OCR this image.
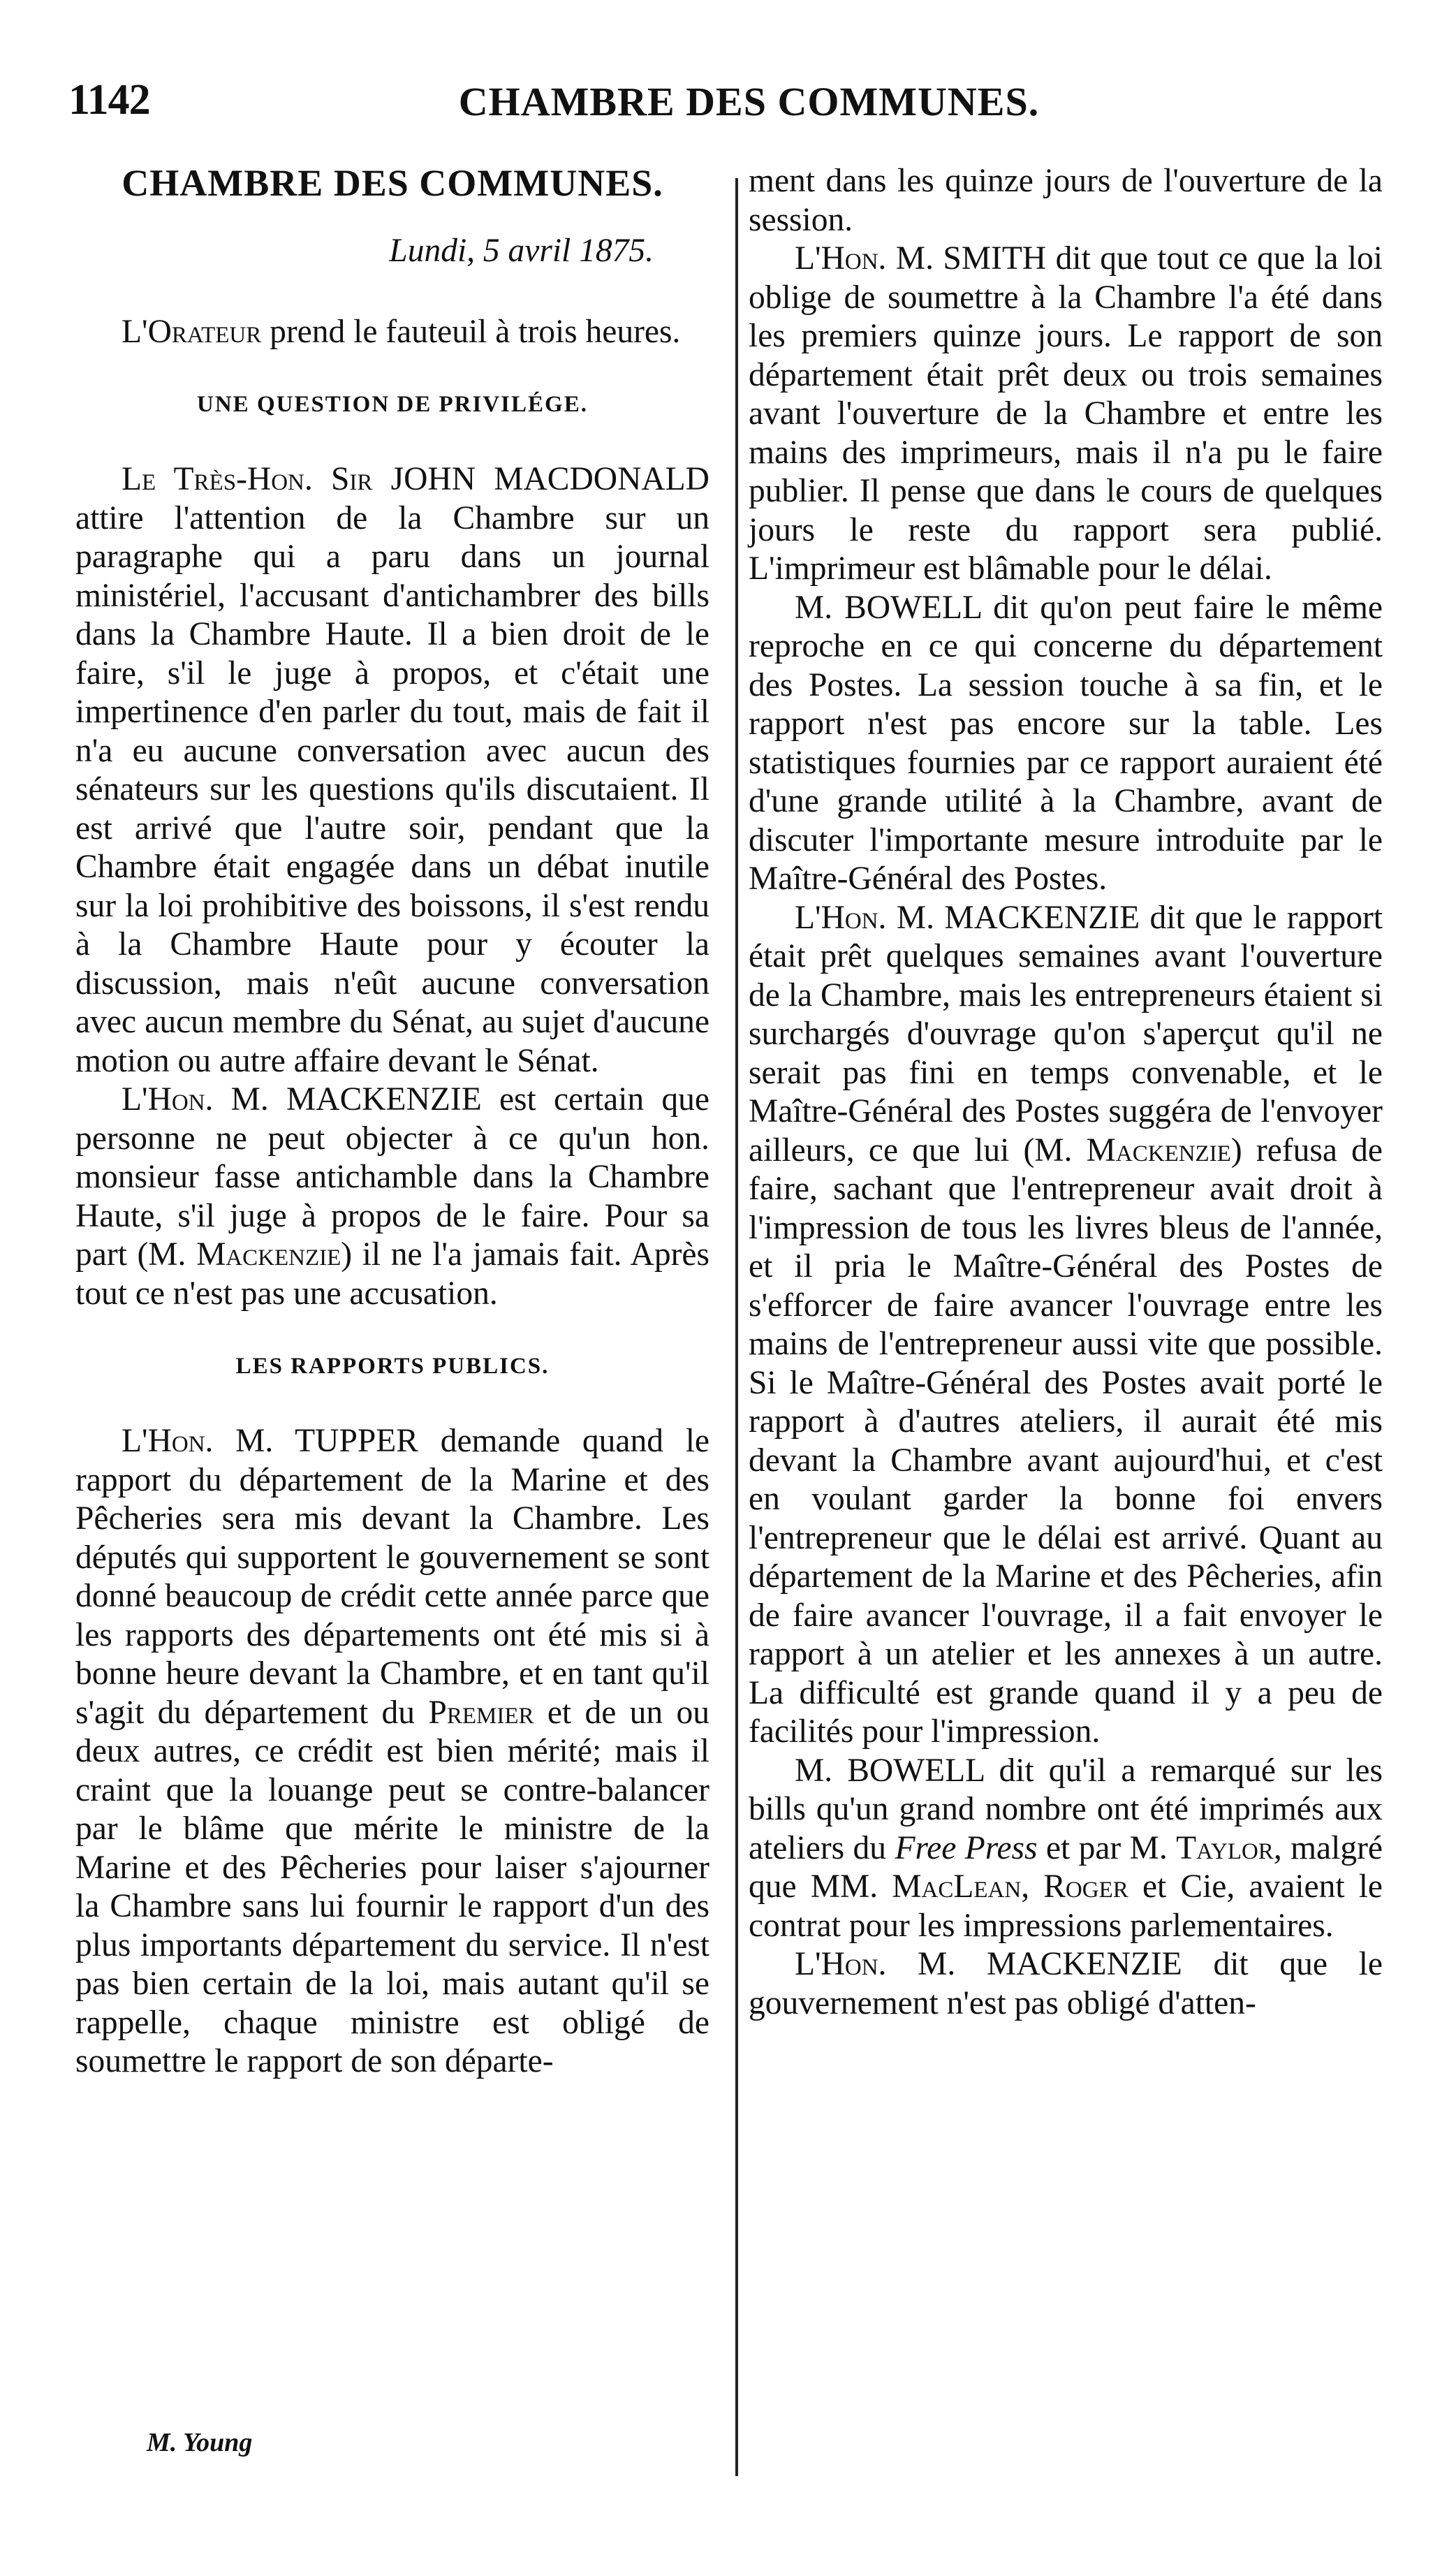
1142	CHAMBRE DES COMMUNES.
CHAMBRE DES COMMUNES.
Lundi, 5 avril 1875.

L'Orateur prend le fauteuil à trois heures.

UNE QUESTION DE PRIVILÉGE.

Le Très-Hon. Sir JOHN MACDONALD attire l'attention de la Chambre sur un paragraphe qui a paru dans un journal ministériel, l'accusant d'antichambrer des bills dans la Chambre Haute. Il a bien droit de le faire, s'il le juge à propos, et c'était une impertinence d'en parler du tout, mais de fait il n'a eu aucune conversation avec aucun des sénateurs sur les questions qu'ils discutaient. Il est arrivé que l'autre soir, pendant que la Chambre était engagée dans un débat inutile sur la loi prohibitive des boissons, il s'est rendu à la Chambre Haute pour y écouter la discussion, mais n'eût aucune conversation avec aucun membre du Sénat, au sujet d'aucune motion ou autre affaire devant le Sénat.

L'Hon. M. MACKENZIE est certain que personne ne peut objecter à ce qu'un hon. monsieur fasse antichamble dans la Chambre Haute, s'il juge à propos de le faire. Pour sa part (M. Mackenzie) il ne l'a jamais fait. Après tout ce n'est pas une accusation.

LES RAPPORTS PUBLICS.

L'Hon. M. TUPPER demande quand le rapport du département de la Marine et des Pêcheries sera mis devant la Chambre. Les députés qui supportent le gouvernement se sont donné beaucoup de crédit cette année parce que les rapports des départements ont été mis si à bonne heure devant la Chambre, et en tant qu'il s'agit du département du Premier et de un ou deux autres, ce crédit est bien mérité; mais il craint que la louange peut se contre-balancer par le blâme que mérite le ministre de la Marine et des Pêcheries pour laiser s'ajourner la Chambre sans lui fournir le rapport d'un des plus importants département du service. Il n'est pas bien certain de la loi, mais autant qu'il se rappelle, chaque ministre est obligé de soumettre le rapport de son départe-

ment dans les quinze jours de l'ouverture de la session.

L'Hon. M. SMITH dit que tout ce que la loi oblige de soumettre à la Chambre l'a été dans les premiers quinze jours. Le rapport de son département était prêt deux ou trois semaines avant l'ouverture de la Chambre et entre les mains des imprimeurs, mais il n'a pu le faire publier. Il pense que dans le cours de quelques jours le reste du rapport sera publié. L'imprimeur est blâmable pour le délai.

M. BOWELL dit qu'on peut faire le même reproche en ce qui concerne du département des Postes. La session touche à sa fin, et le rapport n'est pas encore sur la table. Les statistiques fournies par ce rapport auraient été d'une grande utilité à la Chambre, avant de discuter l'importante mesure introduite par le Maître-Général des Postes.

L'Hon. M. MACKENZIE dit que le rapport était prêt quelques semaines avant l'ouverture de la Chambre, mais les entrepreneurs étaient si surchargés d'ouvrage qu'on s'aperçut qu'il ne serait pas fini en temps convenable, et le Maître-Général des Postes suggéra de l'envoyer ailleurs, ce que lui (M. Mackenzie) refusa de faire, sachant que l'entrepreneur avait droit à l'impression de tous les livres bleus de l'année, et il pria le Maître-Général des Postes de s'efforcer de faire avancer l'ouvrage entre les mains de l'entrepreneur aussi vite que possible. Si le Maître-Général des Postes avait porté le rapport à d'autres ateliers, il aurait été mis devant la Chambre avant aujourd'hui, et c'est en voulant garder la bonne foi envers l'entrepreneur que le délai est arrivé. Quant au département de la Marine et des Pêcheries, afin de faire avancer l'ouvrage, il a fait envoyer le rapport à un atelier et les annexes à un autre. La difficulté est grande quand il y a peu de facilités pour l'impression.

M. BOWELL dit qu'il a remarqué sur les bills qu'un grand nombre ont été imprimés aux ateliers du Free Press et par M. Taylor, malgré que MM. MacLean, Roger et Cie, avaient le contrat pour les impressions parlementaires.

L'Hon. M. MACKENZIE dit que le gouvernement n'est pas obligé d'atten-

M. Young
